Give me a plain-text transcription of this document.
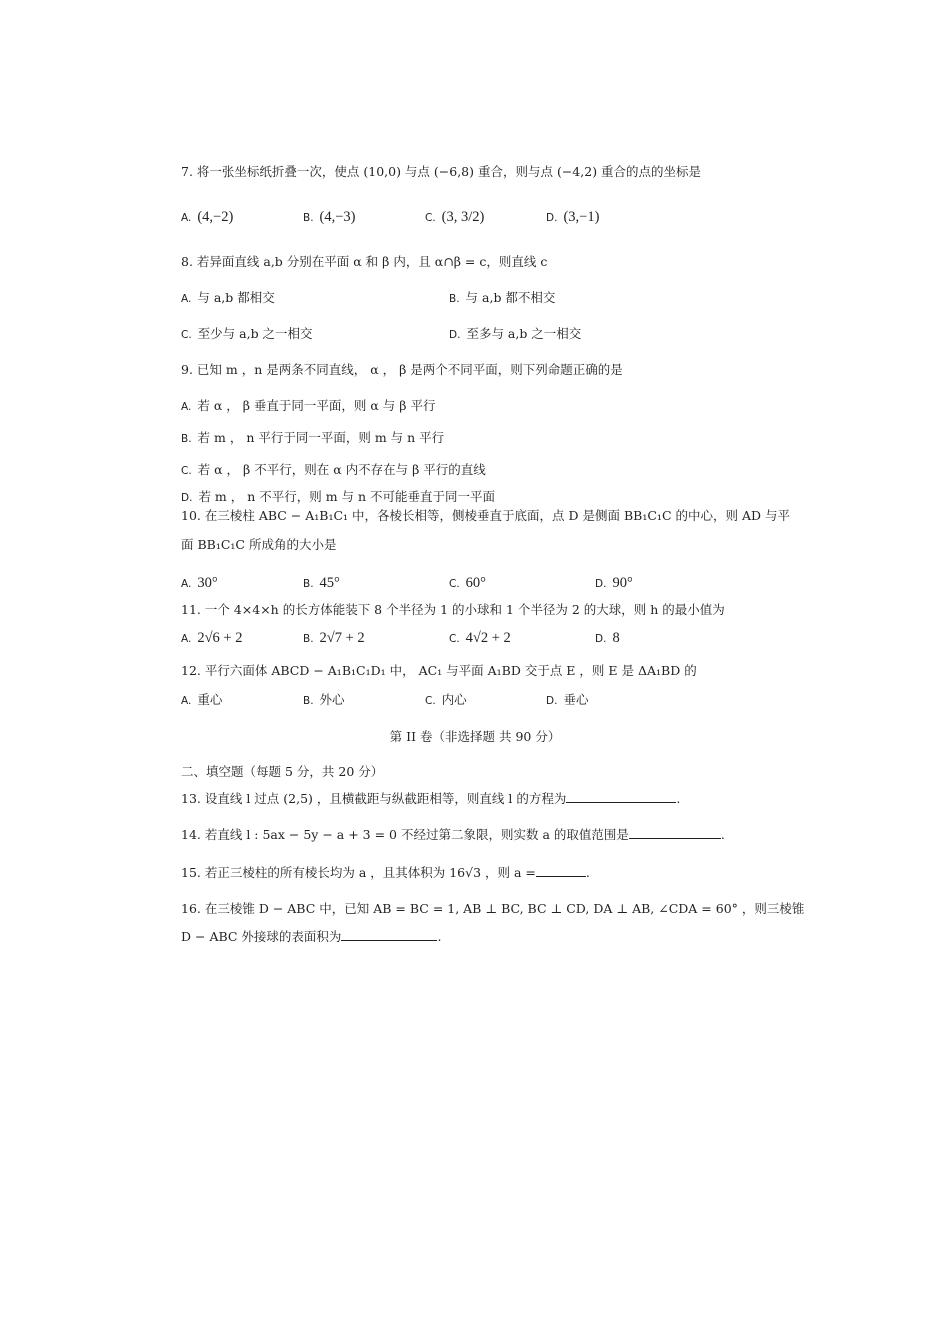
7. 将一张坐标纸折叠一次，使点 (10,0) 与点 (−6,8) 重合，则与点 (−4,2) 重合的点的坐标是
A. (4,−2)	B. (4,−3)	C. (3, 3/2)	D. (3,−1)
8. 若异面直线 a,b 分别在平面 α 和 β 内，且 α∩β = c，则直线 c
A. 与 a,b 都相交	B. 与 a,b 都不相交
C. 至少与 a,b 之一相交	D. 至多与 a,b 之一相交
9. 已知 m ，n 是两条不同直线， α ， β 是两个不同平面，则下列命题正确的是
A. 若 α ， β 垂直于同一平面，则 α 与 β 平行
B. 若 m ， n 平行于同一平面，则 m 与 n 平行
C. 若 α ， β 不平行，则在 α 内不存在与 β 平行的直线
D. 若 m ， n 不平行，则 m 与 n 不可能垂直于同一平面
10. 在三棱柱 ABC − A₁B₁C₁ 中，各棱长相等，侧棱垂直于底面，点 D 是侧面 BB₁C₁C 的中心，则 AD 与平
面 BB₁C₁C 所成角的大小是
A. 30°	B. 45°	C. 60°	D. 90°
11. 一个 4×4×h 的长方体能装下 8 个半径为 1 的小球和 1 个半径为 2 的大球，则 h 的最小值为
A. 2√6 + 2	B. 2√7 + 2	C. 4√2 + 2	D. 8
12. 平行六面体 ABCD − A₁B₁C₁D₁ 中， AC₁ 与平面 A₁BD 交于点 E ，则 E 是 ΔA₁BD 的
A. 重心	B. 外心	C. 内心	D. 垂心
第 II 卷（非选择题 共 90 分）
二、填空题（每题 5 分，共 20 分）
13. 设直线 l 过点 (2,5) ，且横截距与纵截距相等，则直线 l 的方程为	.
14. 若直线 l : 5ax − 5y − a + 3 = 0 不经过第二象限，则实数 a 的取值范围是	.
15. 若正三棱柱的所有棱长均为 a ，且其体积为 16√3 ，则 a =	.
16. 在三棱锥 D − ABC 中，已知 AB = BC = 1, AB ⊥ BC, BC ⊥ CD, DA ⊥ AB, ∠CDA = 60° ，则三棱锥
D − ABC 外接球的表面积为	.
